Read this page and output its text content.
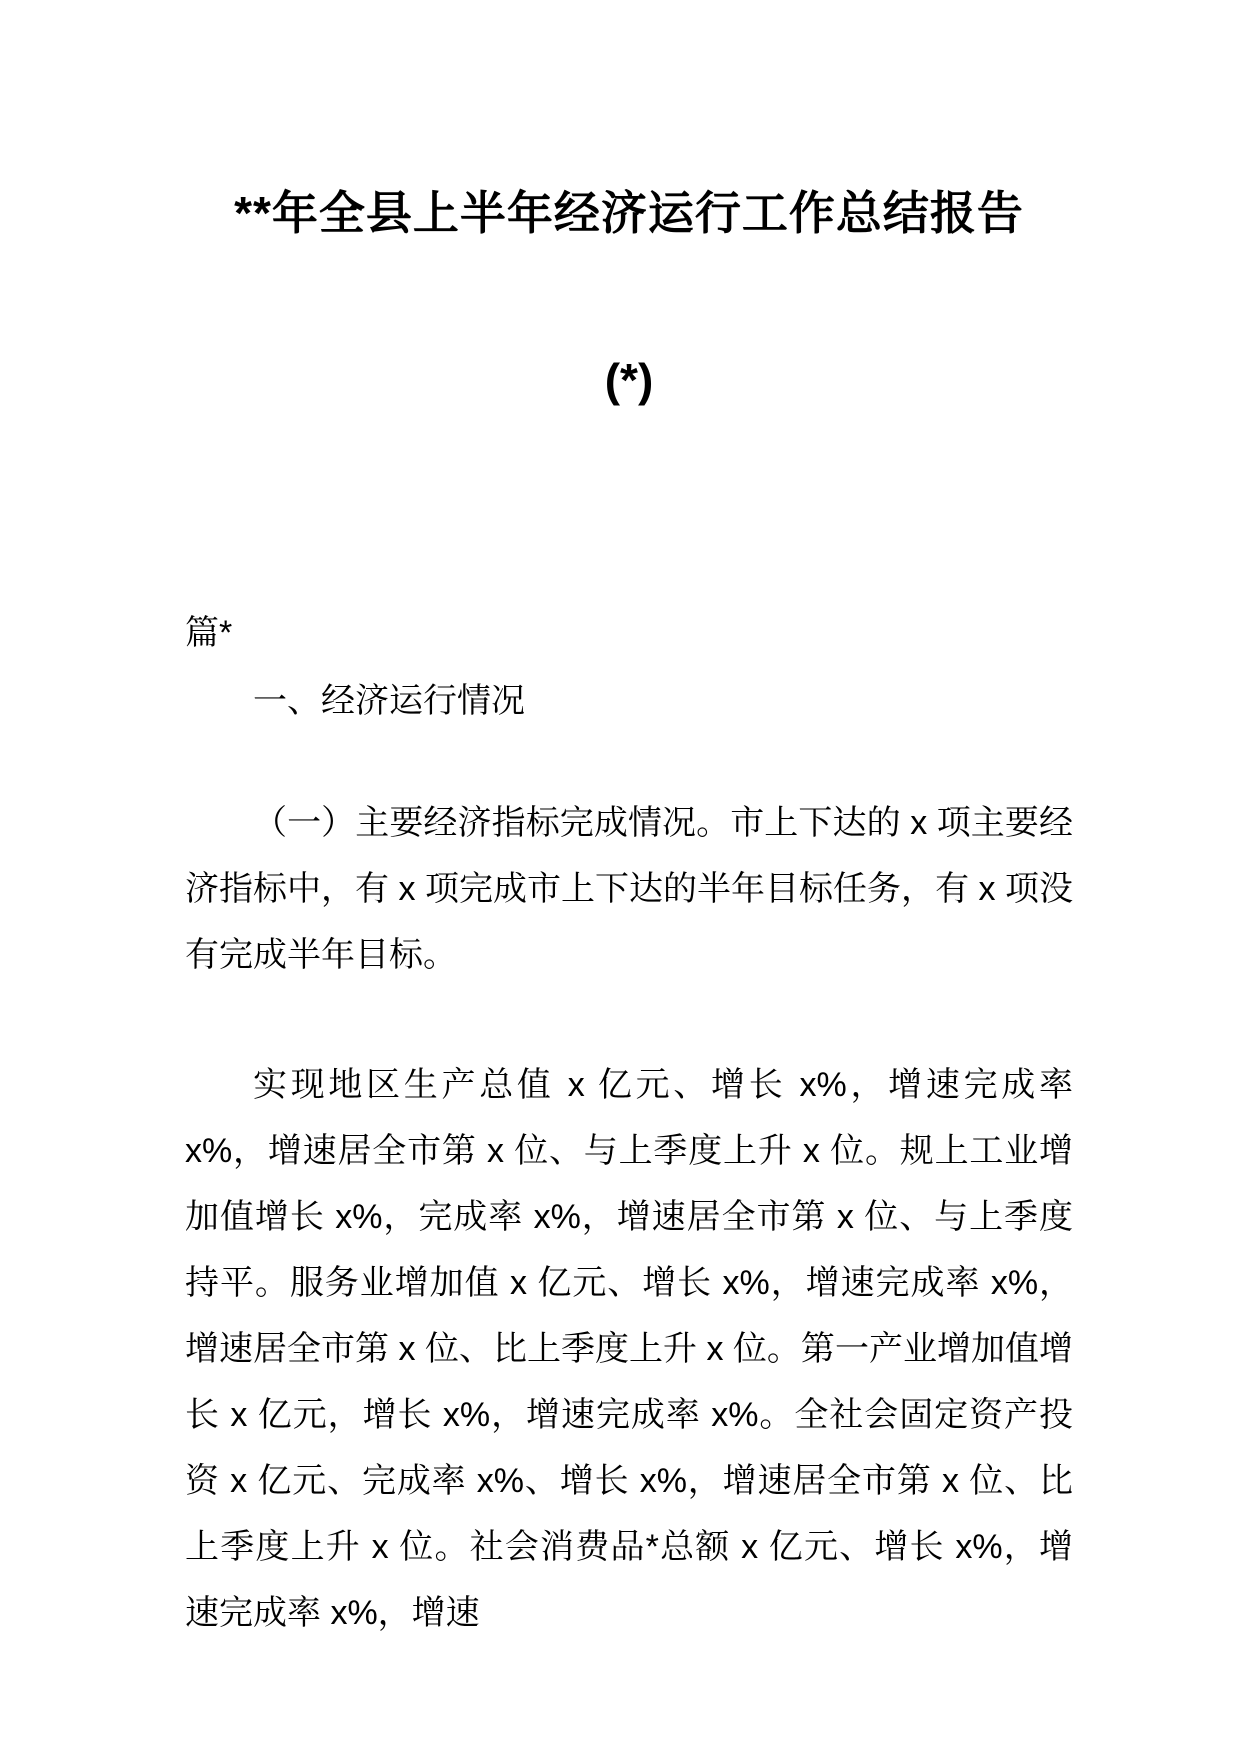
**年全县上半年经济运行工作总结报告
(*)
篇*
一、经济运行情况

（一）主要经济指标完成情况。市上下达的 x 项主要经济指标中，有 x 项完成市上下达的半年目标任务，有 x 项没有完成半年目标。

实现地区生产总值 x 亿元、增长 x%，增速完成率 x%，增速居全市第 x 位、与上季度上升 x 位。规上工业增加值增长 x%，完成率 x%，增速居全市第 x 位、与上季度持平。服务业增加值 x 亿元、增长 x%，增速完成率 x%，增速居全市第 x 位、比上季度上升 x 位。第一产业增加值增长 x 亿元，增长 x%，增速完成率 x%。全社会固定资产投资 x 亿元、完成率 x%、增长 x%，增速居全市第 x 位、比上季度上升 x 位。社会消费品*总额 x 亿元、增长 x%，增速完成率 x%，增速
